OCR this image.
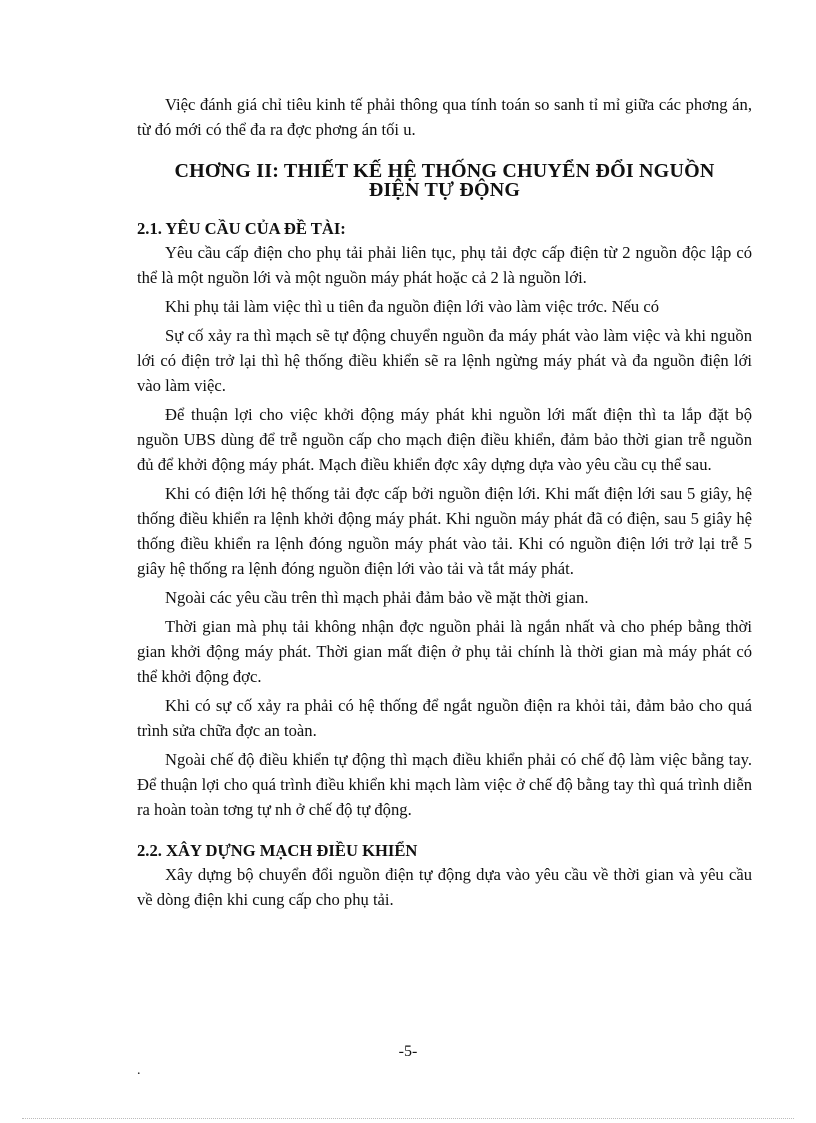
Việc đánh giá chỉ tiêu kinh tế phải thông qua tính toán so sanh tỉ mỉ giữa các phơng án, từ đó mới có thể đa ra đợc phơng án tối u.

CHƠNG II: THIẾT KẾ HỆ THỐNG CHUYỂN ĐỔI NGUỒN
ĐIỆN TỰ ĐỘNG
2.1. YÊU CẦU CỦA ĐỀ TÀI:

Yêu cầu cấp điện cho phụ tải phải liên tục, phụ tải đợc cấp điện từ 2 nguồn độc lập có thể là một nguồn lới và một nguồn máy phát hoặc cả 2 là nguồn lới.

Khi phụ tải làm việc thì u tiên đa nguồn điện lới vào làm việc trớc. Nếu có

Sự cố xảy ra thì mạch sẽ tự động chuyển nguồn đa máy phát vào làm việc và khi nguồn lới có điện trở lại thì hệ thống điều khiển sẽ ra lệnh ngừng máy phát và đa nguồn điện lới vào làm việc.

Để thuận lợi cho việc khởi động máy phát khi nguồn lới mất điện thì ta lắp đặt bộ nguồn UBS dùng để trễ nguồn cấp cho mạch điện điều khiển, đảm bảo thời gian trễ nguồn đủ để khởi động máy phát. Mạch điều khiển đợc xây dựng dựa vào yêu cầu cụ thể sau.

Khi có điện lới hệ thống tải đợc cấp bởi nguồn điện lới. Khi mất điện lới sau 5 giây, hệ thống điều khiển ra lệnh khởi động máy phát. Khi nguồn máy phát đã có điện, sau 5 giây hệ thống điều khiển ra lệnh đóng nguồn máy phát vào tải. Khi có nguồn điện lới trở lại trễ 5 giây hệ thống ra lệnh đóng nguồn điện lới vào tải và tắt máy phát.

Ngoài các yêu cầu trên thì mạch phải đảm bảo về mặt thời gian.

Thời gian mà phụ tải không nhận đợc nguồn phải là ngắn nhất và cho phép bằng thời gian khởi động máy phát. Thời gian mất điện ở phụ tải chính là thời gian mà máy phát có thể khởi động đợc.

Khi có sự cố xảy ra phải có hệ thống để ngắt nguồn điện ra khỏi tải, đảm bảo cho quá trình sửa chữa đợc an toàn.

Ngoài chế độ điều khiển tự động thì mạch điều khiển phải có chế độ làm việc bằng tay. Để thuận lợi cho quá trình điều khiển khi mạch làm việc ở chế độ bằng tay thì quá trình diễn ra hoàn toàn tơng tự nh ở chế độ tự động.

2.2. XÂY DỰNG MẠCH ĐIỀU KHIỂN

Xây dựng bộ chuyển đổi nguồn điện tự động dựa vào yêu cầu về thời gian và yêu cầu về dòng điện khi cung cấp cho phụ tải.

-5-
.
